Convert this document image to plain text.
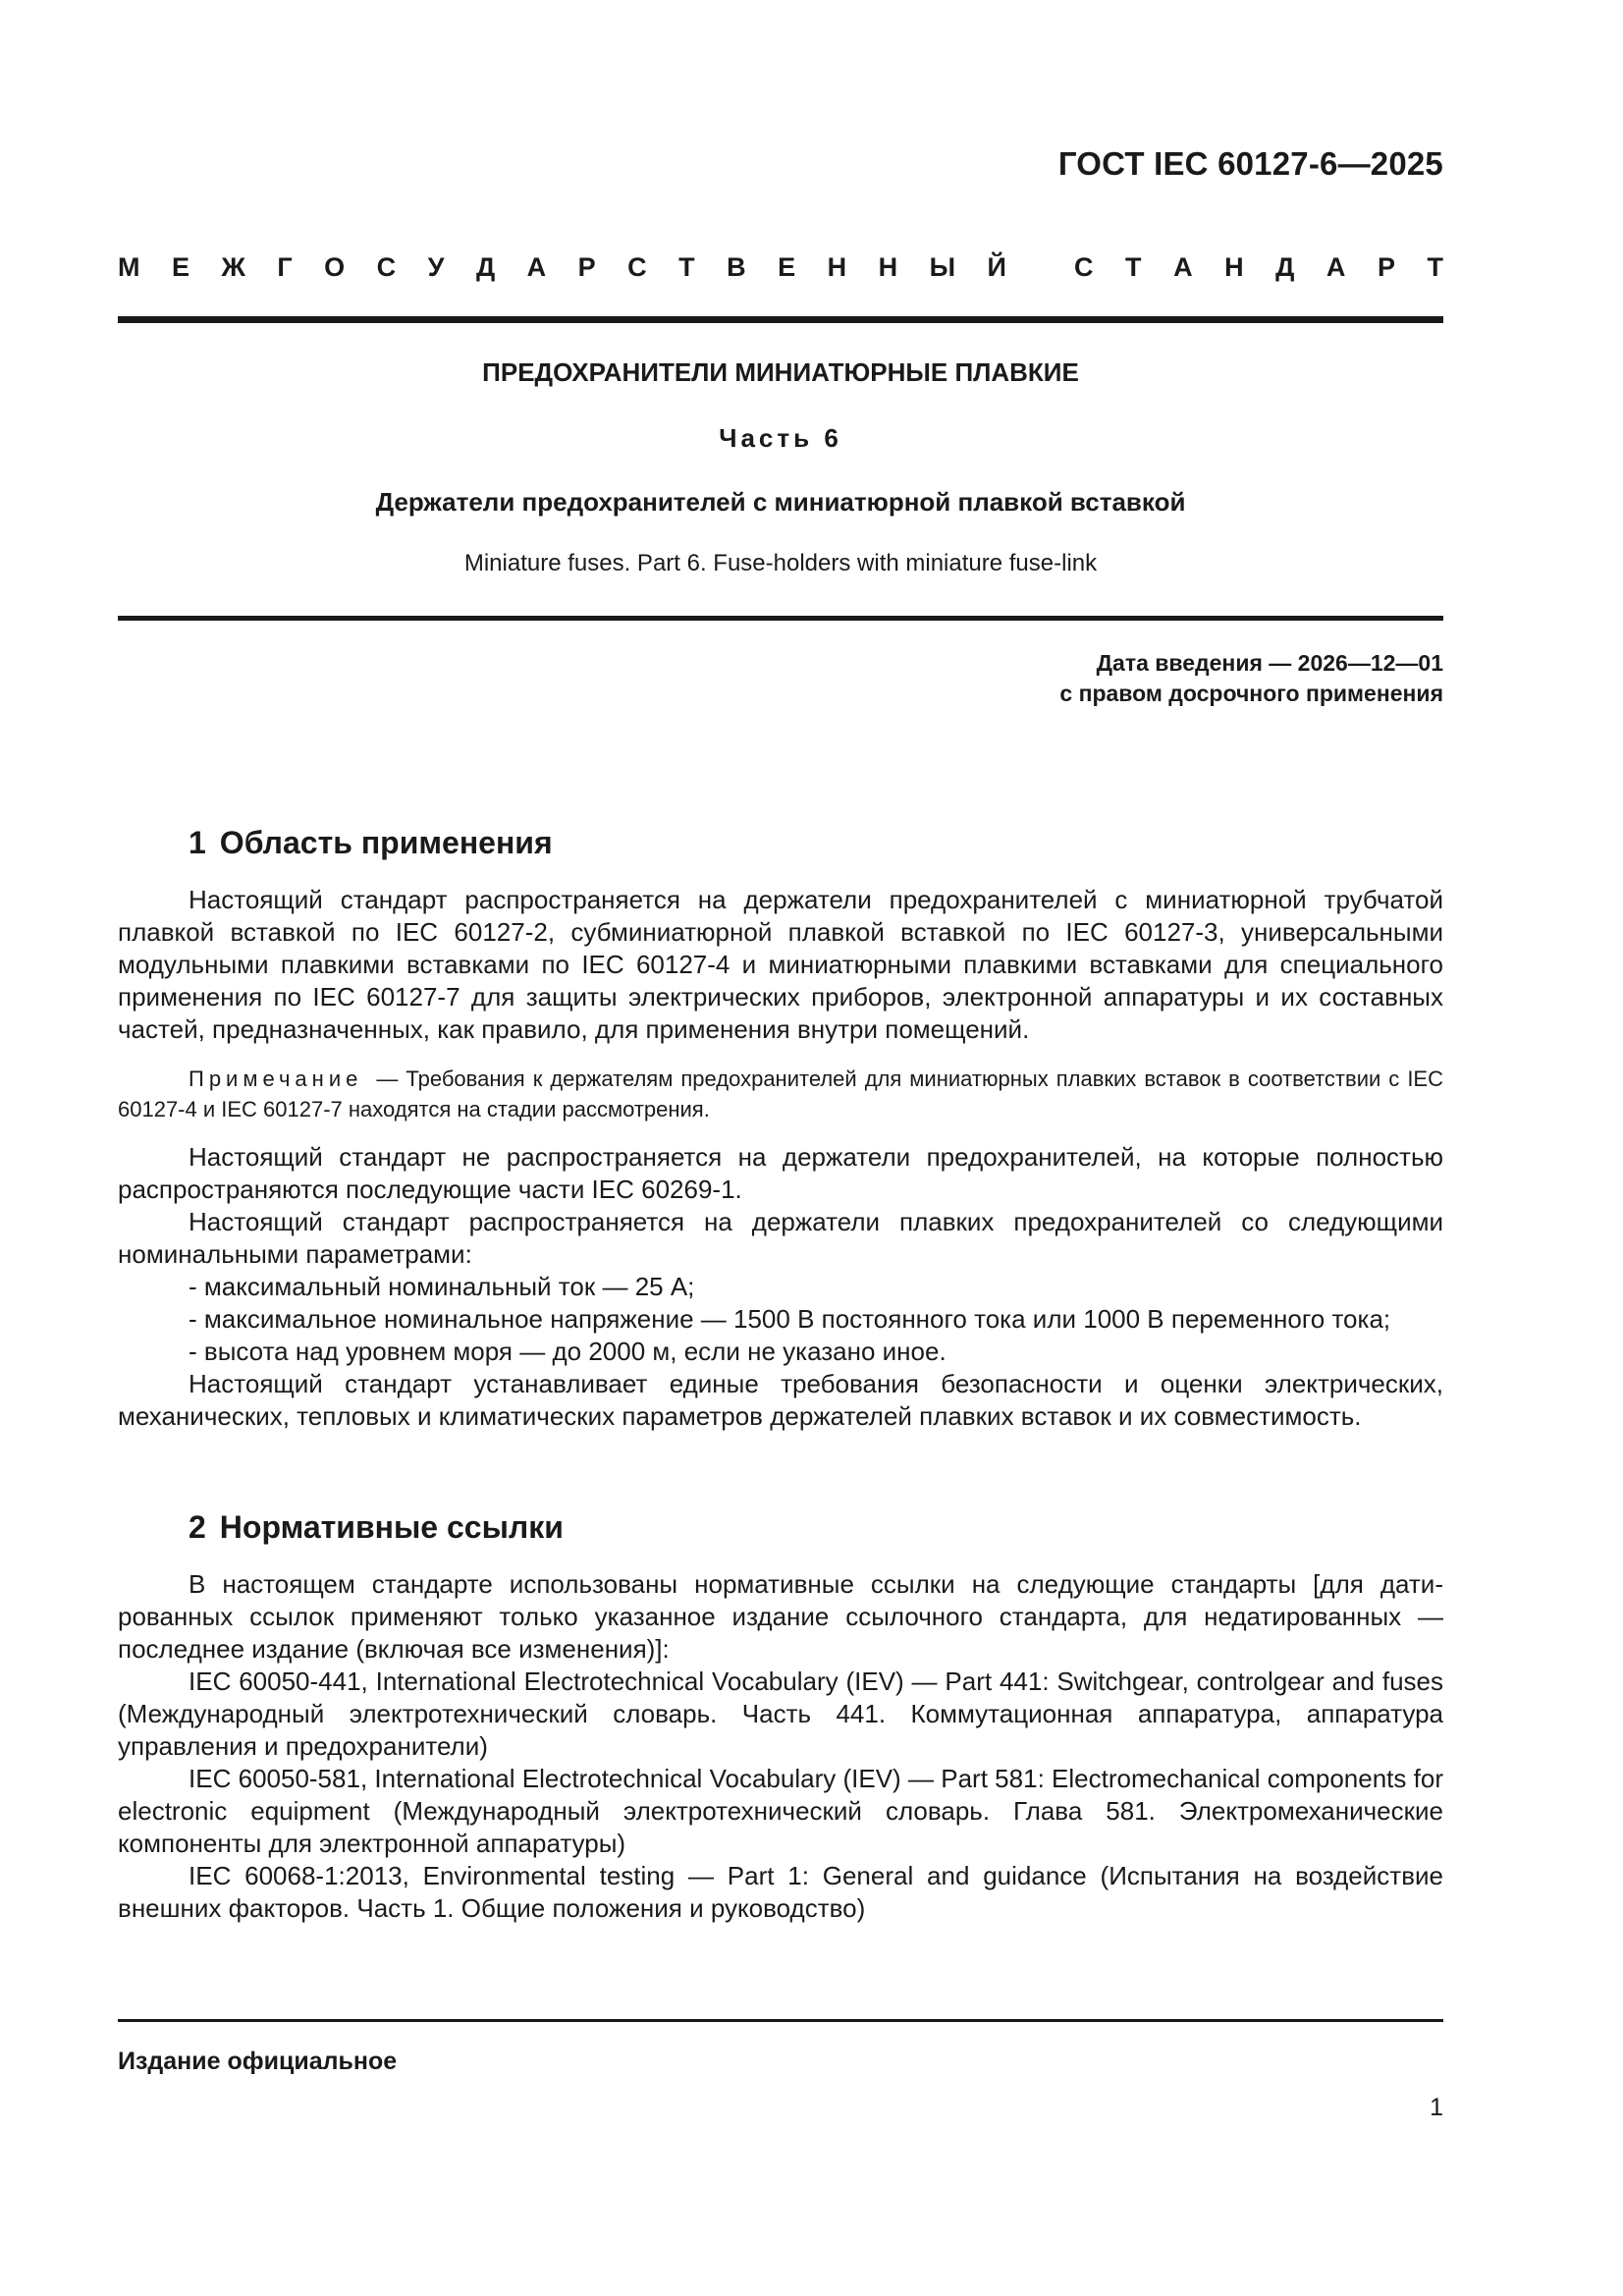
ГОСТ IEC 60127-6—2025
М Е Ж Г О С У Д А Р С Т В Е Н Н Ы Й	С Т А Н Д А Р Т
ПРЕДОХРАНИТЕЛИ МИНИАТЮРНЫЕ ПЛАВКИЕ
Часть 6
Держатели предохранителей с миниатюрной плавкой вставкой
Miniature fuses. Part 6. Fuse-holders with miniature fuse-link
Дата введения — 2026—12—01
с правом досрочного применения
1 Область применения

Настоящий стандарт распространяется на держатели предохранителей с миниатюрной трубчатой плавкой вставкой по IEC 60127-2, субминиатюрной плавкой вставкой по IEC 60127-3, универсальными модульными плавкими вставками по IEC 60127-4 и миниатюрными плавкими вставками для специального применения по IEC 60127-7 для защиты электрических приборов, электронной аппаратуры и их составных частей, предназначенных, как правило, для применения внутри помещений.

Примечание — Требования к держателям предохранителей для миниатюрных плавких вставок в соответствии с IEC 60127-4 и IEC 60127-7 находятся на стадии рассмотрения.

Настоящий стандарт не распространяется на держатели предохранителей, на которые полностью распространяются последующие части IEC 60269-1.

Настоящий стандарт распространяется на держатели плавких предохранителей со следующими номинальными параметрами:

- максимальный номинальный ток — 25 А;

- максимальное номинальное напряжение — 1500 В постоянного тока или 1000 В переменного тока;

- высота над уровнем моря — до 2000 м, если не указано иное.

Настоящий стандарт устанавливает единые требования безопасности и оценки электрических, механических, тепловых и климатических параметров держателей плавких вставок и их совместимость.

2 Нормативные ссылки

В настоящем стандарте использованы нормативные ссылки на следующие стандарты [для датированных ссылок применяют только указанное издание ссылочного стандарта, для недатированных — последнее издание (включая все изменения)]:

IEC 60050-441, International Electrotechnical Vocabulary (IEV) — Part 441: Switchgear, controlgear and fuses (Международный электротехнический словарь. Часть 441. Коммутационная аппаратура, аппаратура управления и предохранители)

IEC 60050-581, International Electrotechnical Vocabulary (IEV) — Part 581: Electromechanical components for electronic equipment (Международный электротехнический словарь. Глава 581. Электромеханические компоненты для электронной аппаратуры)

IEC 60068-1:2013, Environmental testing — Part 1: General and guidance (Испытания на воздействие внешних факторов. Часть 1. Общие положения и руководство)

Издание официальное
1
